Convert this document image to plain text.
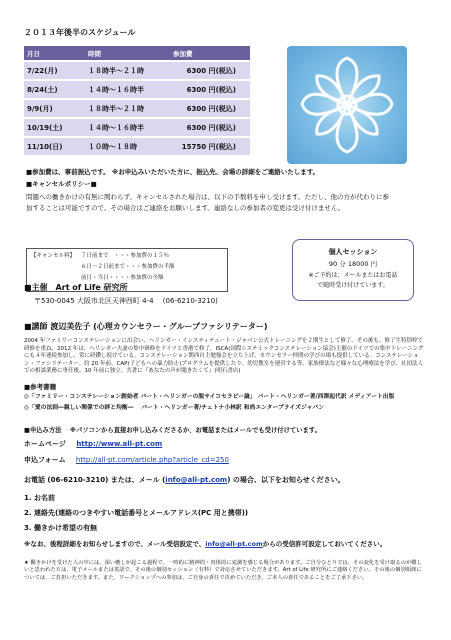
２０１３年後半のスケジュール
月日	時間	参加費
7/22(月)	１８時半～２１時	6300 円(税込)
8/24(土)	１４時～１６時半	6300 円(税込)
9/9(月)	１８時半～２１時	6300 円(税込)
10/19(土)	１４時～１６時半	6300 円(税込)
11/10(日)	１０時～１８時	15750 円(税込)
■参加費は、事前振込です。 ※お申込みいただいた方に、振込先、会場の詳細をご連絡いたします。
■キャンセルポリシー■
問題への働きかけの有無に関わらず、キャンセルされた場合は、以下の手数料を申し受けます。ただし、他の方が代わりに参
加することは可能ですので、その場合はご連絡をお願いします。連絡なしの参加者の変更は受け付けません。
【キャンセル料】 ７日前まで　・・・参加費の１５％
６日～２日前まで・・・参加費の半額
前日・当日・・・・参加費の全額
個人セッション
90 分 18000 円
※ご予約は、メールまたはお電話
で随時受け付けています。
■主催　Art of Life 研究所
〒530-0045 大阪市北区天神西町 4-4　 (06-6210-3210)
■講師 渡辺美佐子 (心理カウンセラー・グループファシリテーター)
2004 年ファミリーコンステレーションに出会い、ヘリンガー・インスティテュート・ジャパン公式トレーニングを２期生として修了。その後も、修了生特別枠で研修を重ね、2012 年は、ヘリンガー夫妻の集中研修をドイツと香港で修了。ISCA(国際システミックコンステレーション協会)主催のドイツでの集中トレーニングにも４年連続参加し、常に研鑽し続けている。コンステレーション関西自主勉強会を立ち上げ、カウンセラー仲間の学びの場も提供している。コンステレーション・ファシリテーター。約 20 年前、CAP(子どもへの暴力防止)プログラムを提供したり、幼児教室を運営する等、家族療法など様々な心理療法を学び、社団法人での相談業務に専任後、10 年前に独立。共著に『あなたの声が聞きたくて』(明石書店)
■参考書籍
◎「ファミリー・コンステレーション創始者 バート・ヘリンガーの脱サイコセラピー論」 バート・ヘリンガー著/西澤起代訳 メディアート出版
◎「愛の法則―親しい関係での絆と均衡―　 バート・ヘリンガー著/チェトナ小林訳 和尚エンタープライズジャパン
■申込み方法　 ※パソコンから直接お申し込みくださるか、お電話またはメールでも受け付けています。
ホームページ http://www.all-pt.com
申込フォーム http://all-pt.com/article.php?article_cd=250
お電話 (06-6210-3210) または、メール (info@all-pt.com) の場合、以下をお知らせください。
1. お名前
2. 連絡先(連絡のつきやすい電話番号とメールアドレス(PC 用と携帯))
3. 働きかけ希望の有無
※なお、後程詳細をお知らせしますので、メール受信設定で、info@all-pt.comからの受信許可設定しておいてください。
★ 働きかけを受けた人の中には、深い癒しが起こる過程で、一時的に精神的・肉体的に変調を感じる場合があります。ご自分ひとりでは、その変化を受け取るのが難しいと思われた方は、電子メールまたは電話で、その後の個別セッション（有料）で対応させていただきます。Art of Life 研究所にご連絡ください。その後の個別相談については、ご負担いただきます。また、ワークショップへの参加は、ご自身の責任で決めていただき、ご本人の責任であることをご了承下さい。
